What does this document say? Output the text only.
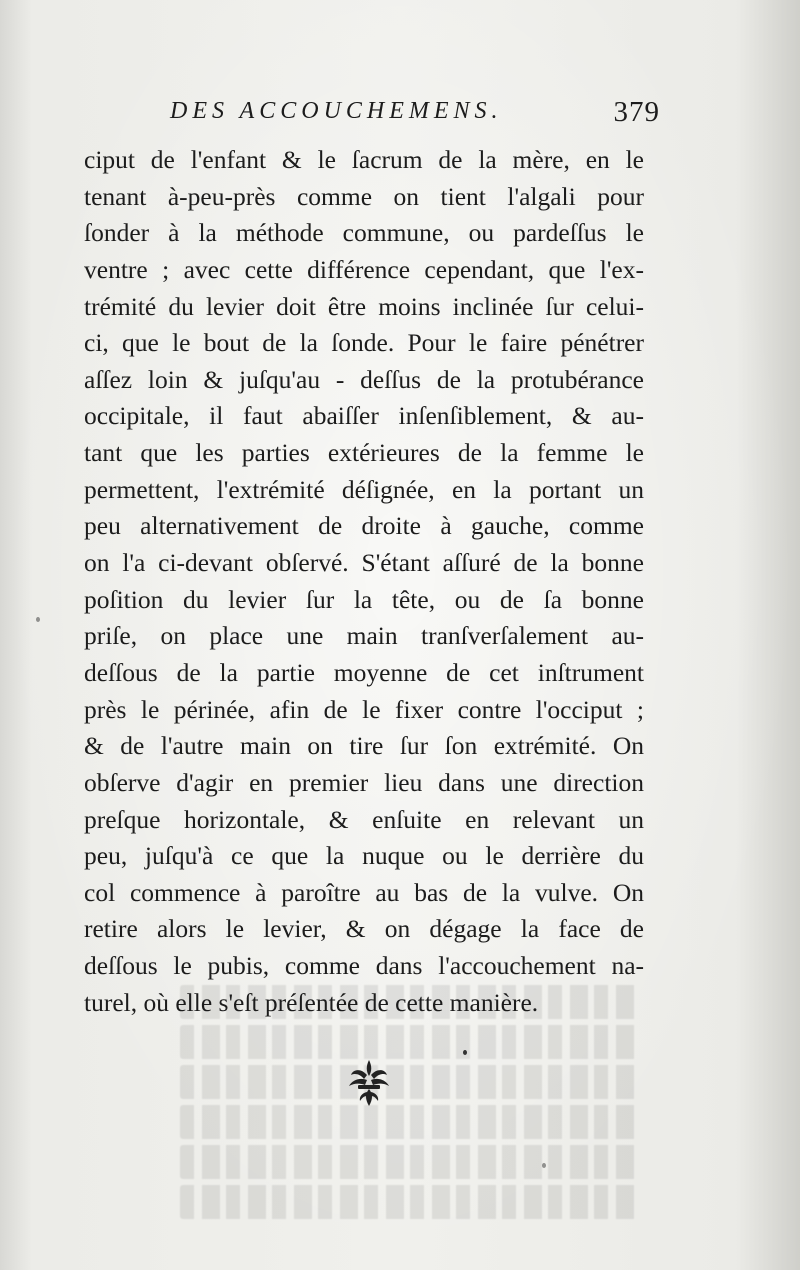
DES ACCOUCHEMENS.	379
ciput de l'enfant & le ſacrum de la mère, en le
tenant à-peu-près comme on tient l'algali pour
ſonder à la méthode commune, ou pardeſſus le
ventre ; avec cette différence cependant, que l'ex-
trémité du levier doit être moins inclinée ſur celui-
ci, que le bout de la ſonde. Pour le faire pénétrer
aſſez loin & juſqu'au - deſſus de la protubérance
occipitale, il faut abaiſſer inſenſiblement, & au-
tant que les parties extérieures de la femme le
permettent, l'extrémité déſignée, en la portant un
peu alternativement de droite à gauche, comme
on l'a ci-devant obſervé. S'étant aſſuré de la bonne
poſition du levier ſur la tête, ou de ſa bonne
priſe, on place une main tranſverſalement au-
deſſous de la partie moyenne de cet inſtrument
près le périnée, afin de le fixer contre l'occiput ;
& de l'autre main on tire ſur ſon extrémité. On
obſerve d'agir en premier lieu dans une direction
preſque horizontale, & enſuite en relevant un
peu, juſqu'à ce que la nuque ou le derrière du
col commence à paroître au bas de la vulve. On
retire alors le levier, & on dégage la face de
deſſous le pubis, comme dans l'accouchement na-
turel, où elle s'eſt préſentée de cette manière.
